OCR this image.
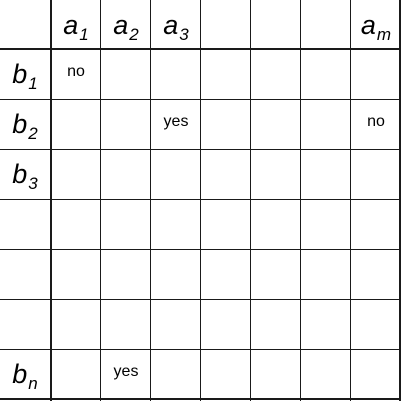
a 1 a 2 a 3	a m
b 1
b 2
b 3
b n
no
yes	no
yes
